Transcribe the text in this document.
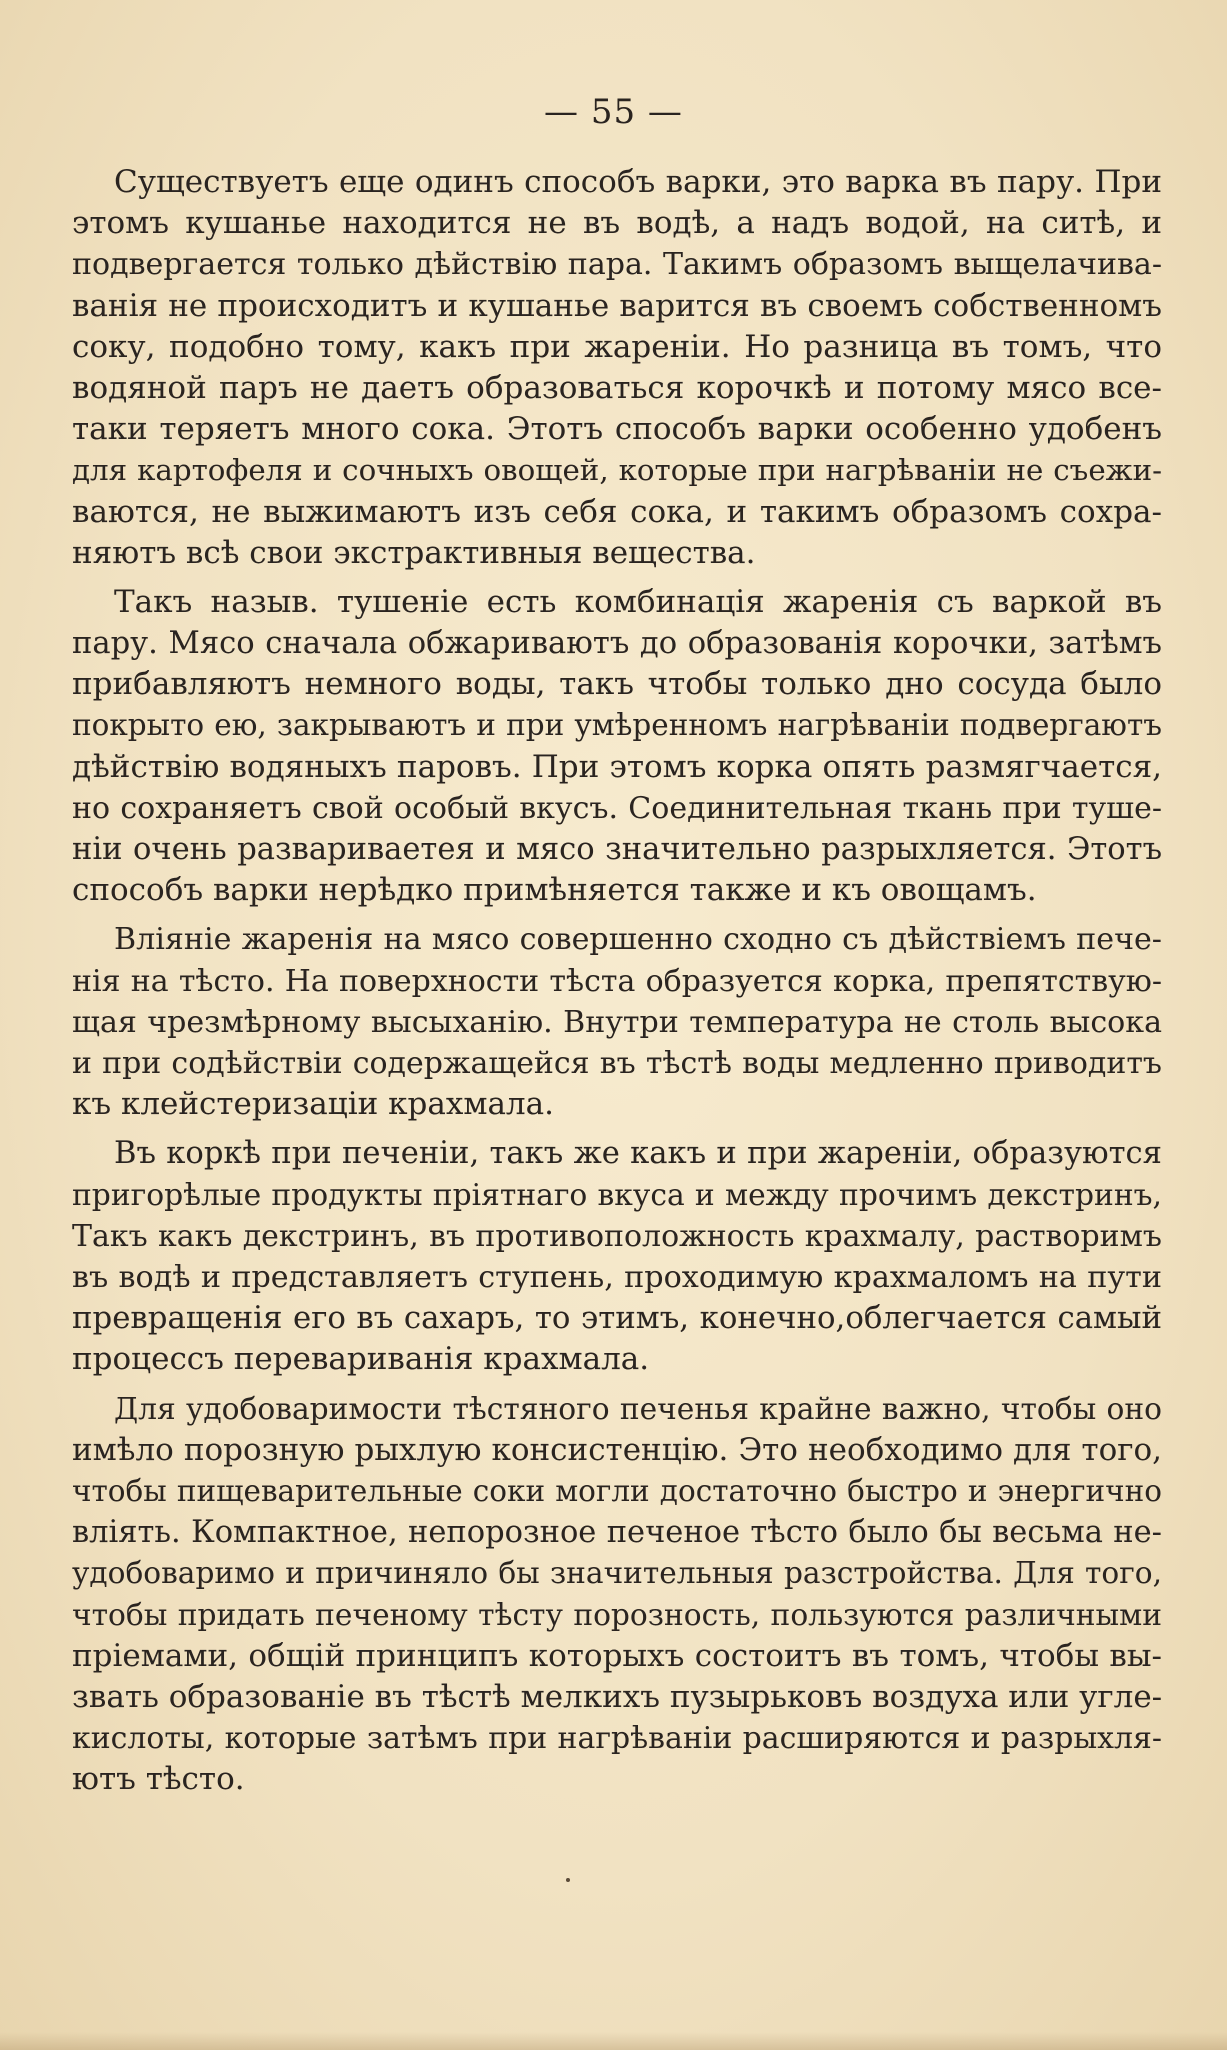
— 55 —
Существуетъ еще одинъ способъ варки, это варка въ пару. При
этомъ кушанье находится не въ водѣ, а надъ водой, на ситѣ, и
подвергается только дѣйствію пара. Такимъ образомъ выщелачива-
ванія не происходитъ и кушанье варится въ своемъ собственномъ
соку, подобно тому, какъ при жареніи. Но разница въ томъ, что
водяной паръ не даетъ образоваться корочкѣ и потому мясо все-
таки теряетъ много сока. Этотъ способъ варки особенно удобенъ
для картофеля и сочныхъ овощей, которые при нагрѣваніи не съежи-
ваются, не выжимаютъ изъ себя сока, и такимъ образомъ сохра-
няютъ всѣ свои экстрактивныя вещества.
Такъ назыв. тушеніе есть комбинація жаренія съ варкой въ
пару. Мясо сначала обжариваютъ до образованія корочки, затѣмъ
прибавляютъ немного воды, такъ чтобы только дно сосуда было
покрыто ею, закрываютъ и при умѣренномъ нагрѣваніи подвергаютъ
дѣйствію водяныхъ паровъ. При этомъ корка опять размягчается,
но сохраняетъ свой особый вкусъ. Соединительная ткань при туше-
ніи очень развариваетея и мясо значительно разрыхляется. Этотъ
способъ варки нерѣдко примѣняется также и къ овощамъ.
Вліяніе жаренія на мясо совершенно сходно съ дѣйствіемъ пече-
нія на тѣсто. На поверхности тѣста образуется корка, препятствую-
щая чрезмѣрному высыханію. Внутри температура не столь высока
и при содѣйствіи содержащейся въ тѣстѣ воды медленно приводитъ
къ клейстеризаціи крахмала.
Въ коркѣ при печеніи, такъ же какъ и при жареніи, образуются
пригорѣлые продукты пріятнаго вкуса и между прочимъ декстринъ,
Такъ какъ декстринъ, въ противоположность крахмалу, растворимъ
въ водѣ и представляетъ ступень, проходимую крахмаломъ на пути
превращенія его въ сахаръ, то этимъ, конечно,облегчается самый
процессъ перевариванія крахмала.
Для удобоваримости тѣстяного печенья крайне важно, чтобы оно
имѣло порозную рыхлую консистенцію. Это необходимо для того,
чтобы пищеварительные соки могли достаточно быстро и энергично
вліять. Компактное, непорозное печеное тѣсто было бы весьма не-
удобоваримо и причиняло бы значительныя разстройства. Для того,
чтобы придать печеному тѣсту порозность, пользуются различными
пріемами, общій принципъ которыхъ состоитъ въ томъ, чтобы вы-
звать образованіе въ тѣстѣ мелкихъ пузырьковъ воздуха или угле-
кислоты, которые затѣмъ при нагрѣваніи расширяются и разрыхля-
ютъ тѣсто.
